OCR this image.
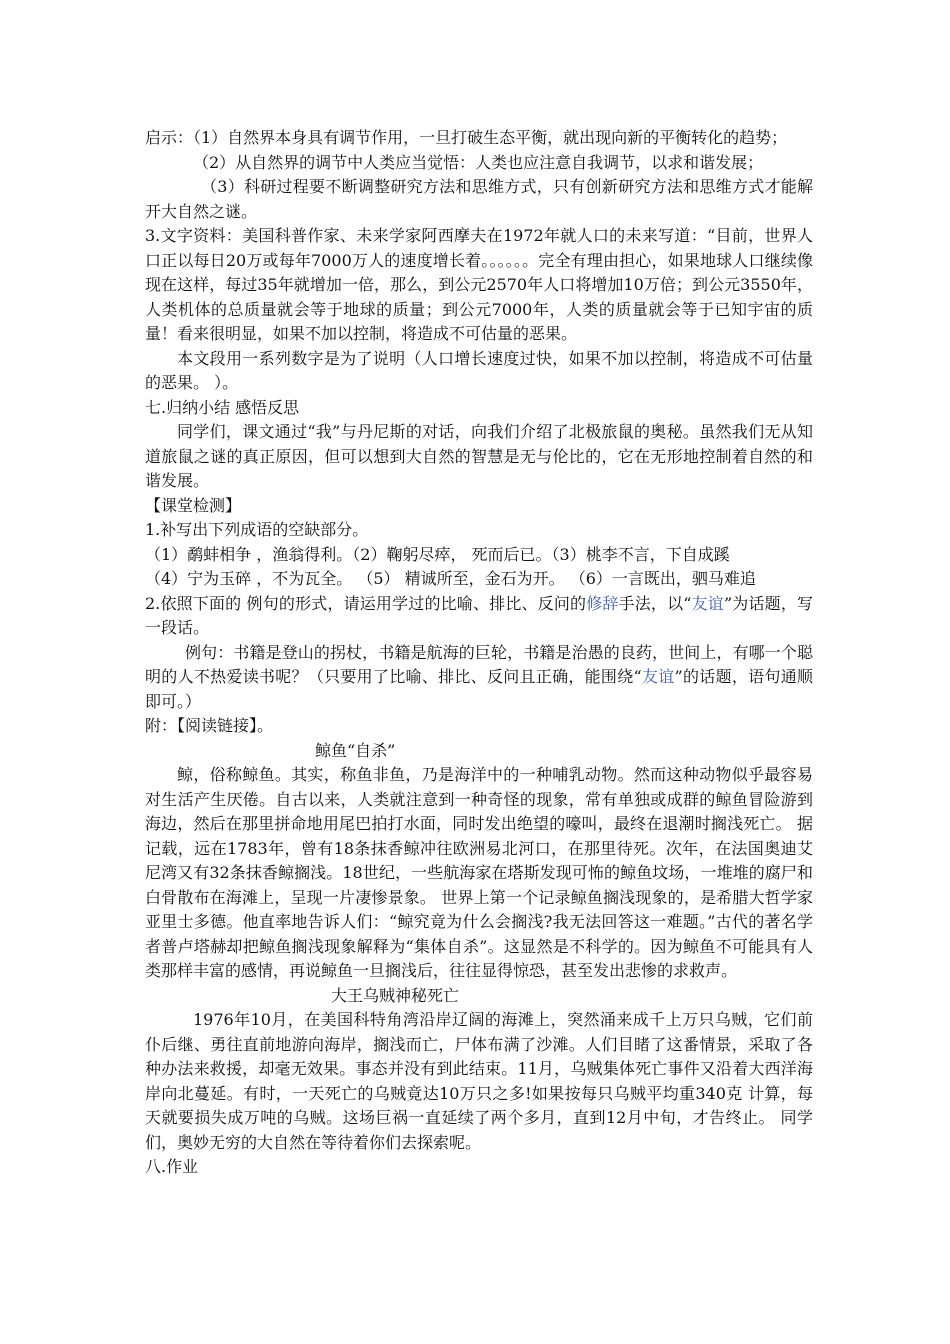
启示：（1）自然界本身具有调节作用，一旦打破生态平衡，就出现向新的平衡转化的趋势；

（2）从自然界的调节中人类应当觉悟：人类也应注意自我调节，以求和谐发展；

（3）科研过程要不断调整研究方法和思维方式，只有创新研究方法和思维方式才能解开大自然之谜。

3.文字资料：美国科普作家、未来学家阿西摩夫在1972年就人口的未来写道：“目前，世界人口正以每日20万或每年7000万人的速度增长着。。。。。。完全有理由担心，如果地球人口继续像现在这样，每过35年就增加一倍，那么，到公元2570年人口将增加10万倍；到公元3550年，人类机体的总质量就会等于地球的质量；到公元7000年，人类的质量就会等于已知宇宙的质量！看来很明显，如果不加以控制，将造成不可估量的恶果。

本文段用一系列数字是为了说明（人口增长速度过快，如果不加以控制，将造成不可估量的恶果。 ）。

七.归纳小结 感悟反思

同学们，课文通过“我”与丹尼斯的对话，向我们介绍了北极旅鼠的奥秘。虽然我们无从知道旅鼠之谜的真正原因，但可以想到大自然的智慧是无与伦比的，它在无形地控制着自然的和谐发展。

【课堂检测】

1.补写出下列成语的空缺部分。

（1）鹬蚌相争 ，渔翁得利。（2）鞠躬尽瘁， 死而后已。（3）桃李不言，下自成蹊

（4）宁为玉碎 ，不为瓦全。 （5） 精诚所至，金石为开。 （6）一言既出，驷马难追

2.依照下面的 例句的形式，请运用学过的比喻、排比、反问的修辞手法，以“友谊”为话题，写一段话。

例句：书籍是登山的拐杖，书籍是航海的巨轮，书籍是治愚的良药，世间上，有哪一个聪明的人不热爱读书呢？（只要用了比喻、排比、反问且正确，能围绕“友谊”的话题，语句通顺即可。）

附：【阅读链接】。

鲸鱼“自杀”

鲸，俗称鲸鱼。其实，称鱼非鱼，乃是海洋中的一种哺乳动物。然而这种动物似乎最容易对生活产生厌倦。自古以来，人类就注意到一种奇怪的现象，常有单独或成群的鲸鱼冒险游到海边，然后在那里拼命地用尾巴拍打水面，同时发出绝望的嚎叫，最终在退潮时搁浅死亡。 据记载，远在1783年，曾有18条抹香鲸冲往欧洲易北河口，在那里待死。次年，在法国奥迪艾尼湾又有32条抹香鲸搁浅。18世纪，一些航海家在塔斯发现可怖的鲸鱼坟场，一堆堆的腐尸和白骨散布在海滩上，呈现一片凄惨景象。 世界上第一个记录鲸鱼搁浅现象的，是希腊大哲学家亚里士多德。他直率地告诉人们：“鲸究竟为什么会搁浅?我无法回答这一难题。”古代的著名学者普卢塔赫却把鲸鱼搁浅现象解释为“集体自杀”。这显然是不科学的。因为鲸鱼不可能具有人类那样丰富的感情，再说鲸鱼一旦搁浅后，往往显得惊恐，甚至发出悲惨的求救声。

大王乌贼神秘死亡

1976年10月，在美国科特角湾沿岸辽阔的海滩上，突然涌来成千上万只乌贼，它们前仆后继、勇往直前地游向海岸，搁浅而亡，尸体布满了沙滩。人们目睹了这番情景，采取了各种办法来救援，却毫无效果。事态并没有到此结束。11月，乌贼集体死亡事件又沿着大西洋海岸向北蔓延。有时，一天死亡的乌贼竟达10万只之多!如果按每只乌贼平均重340克 计算，每天就要损失成万吨的乌贼。这场巨祸一直延续了两个多月，直到12月中旬，才告终止。 同学们，奥妙无穷的大自然在等待着你们去探索呢。

八.作业
